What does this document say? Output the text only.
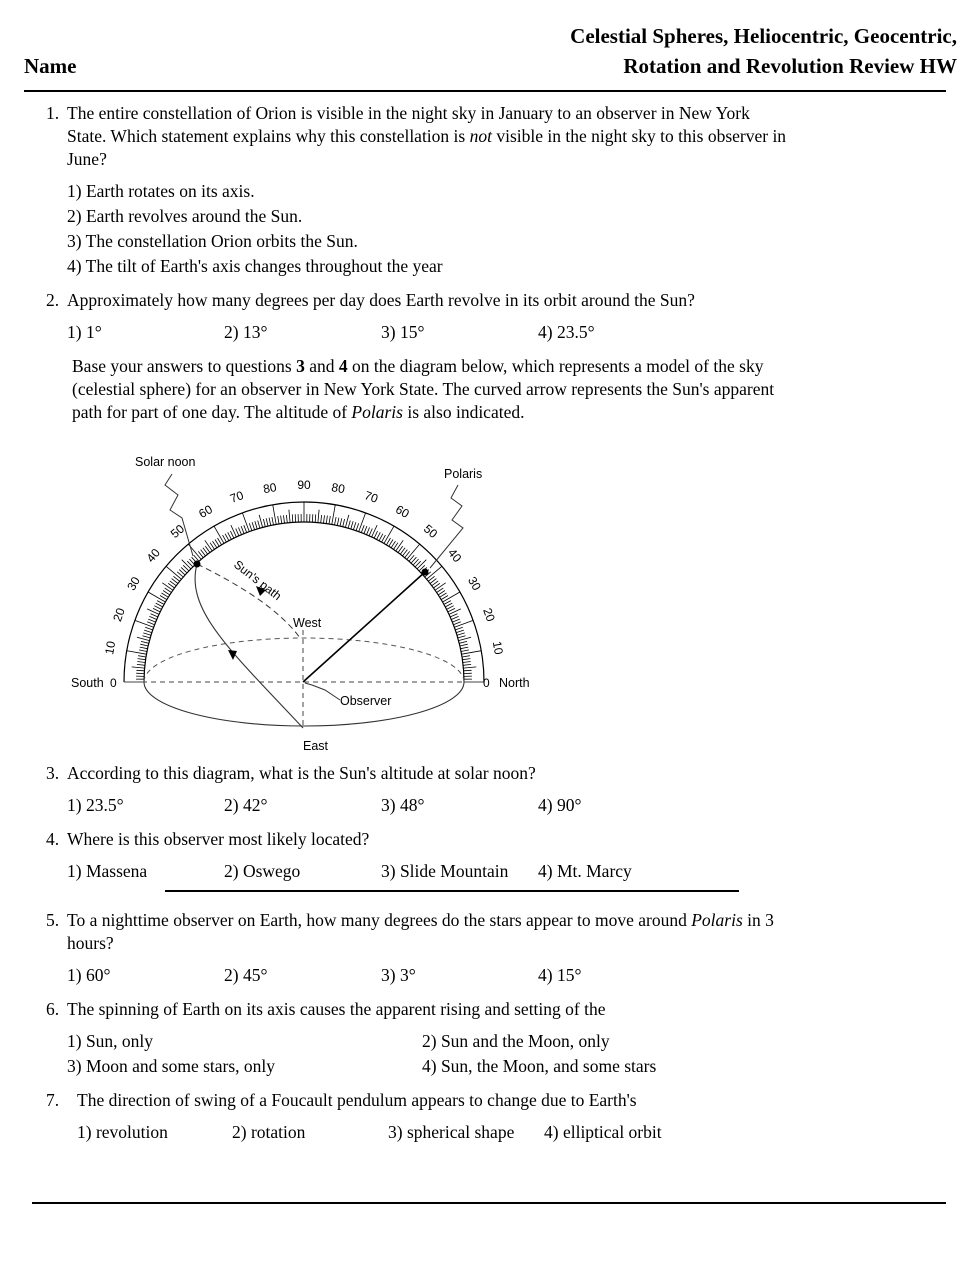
Celestial Spheres, Heliocentric, Geocentric,
Rotation and Revolution Review HW
Name
1. The entire constellation of Orion is visible in the night sky in January to an observer in New York
State. Which statement explains why this constellation is not visible in the night sky to this observer in
June?
1) Earth rotates on its axis.
2) Earth revolves around the Sun.
3) The constellation Orion orbits the Sun.
4) The tilt of Earth's axis changes throughout the year
2. Approximately how many degrees per day does Earth revolve in its orbit around the Sun?
1) 1°	2) 13°	3) 15°	4) 23.5°
Base your answers to questions 3 and 4 on the diagram below, which represents a model of the sky
(celestial sphere) for an observer in New York State. The curved arrow represents the Sun's apparent
path for part of one day. The altitude of Polaris is also indicated.
Solar noon
Polaris
West
South 0	0 North
East
Observer
Sun's path
10
20
30
40
50
60
70 80 90 80 70
60
50
40
30
20
10
3. According to this diagram, what is the Sun's altitude at solar noon?
1) 23.5°	2) 42°	3) 48°	4) 90°
4. Where is this observer most likely located?
1) Massena	2) Oswego	3) Slide Mountain 4) Mt. Marcy
5. To a nighttime observer on Earth, how many degrees do the stars appear to move around Polaris in 3
hours?
1) 60°	2) 45°	3) 3°	4) 15°
6. The spinning of Earth on its axis causes the apparent rising and setting of the
1) Sun, only	2) Sun and the Moon, only
3) Moon and some stars, only	4) Sun, the Moon, and some stars
7. The direction of swing of a Foucault pendulum appears to change due to Earth's
1) revolution	2) rotation	3) spherical shape 4) elliptical orbit
